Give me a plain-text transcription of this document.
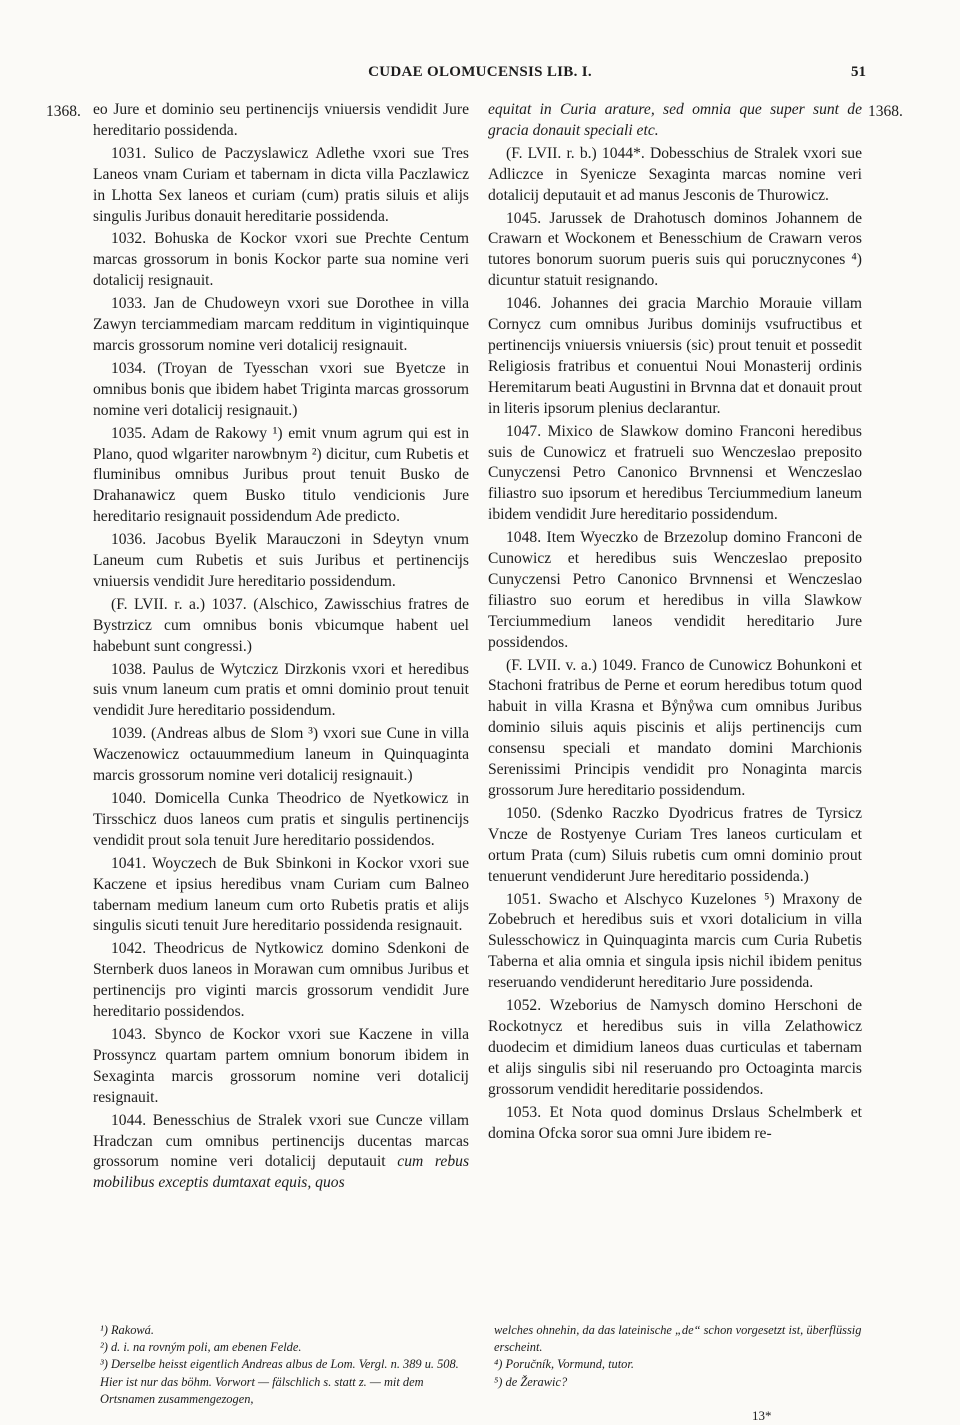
CUDAE OLOMUCENSIS LIB. I.	51
1368.	1368.

eo Jure et dominio seu pertinencijs vniuersis vendidit Jure hereditario possidenda.

1031. Sulico de Paczyslawicz Adlethe vxori sue Tres Laneos vnam Curiam et tabernam in dicta villa Paczlawicz in Lhotta Sex laneos et curiam (cum) pratis siluis et alijs singulis Juribus donauit hereditarie possidenda.

1032. Bohuska de Kockor vxori sue Prechte Centum marcas grossorum in bonis Kockor parte sua nomine veri dotalicij resignauit.

1033. Jan de Chudoweyn vxori sue Dorothee in villa Zawyn terciammediam marcam redditum in vigintiquinque marcis grossorum nomine veri dotalicij resignauit.

1034. (Troyan de Tyesschan vxori sue Byetcze in omnibus bonis que ibidem habet Triginta marcas grossorum nomine veri dotalicij resignauit.)

1035. Adam de Rakowy ¹) emit vnum agrum qui est in Plano, quod wlgariter narowbnym ²) dicitur, cum Rubetis et fluminibus omnibus Juribus prout tenuit Busko de Drahanawicz quem Busko titulo vendicionis Jure hereditario resignauit possidendum Ade predicto.

1036. Jacobus Byelik Marauczoni in Sdeytyn vnum Laneum cum Rubetis et suis Juribus et pertinencijs vniuersis vendidit Jure hereditario possidendum.

(F. LVII. r. a.) 1037. (Alschico, Zawisschius fratres de Bystrzicz cum omnibus bonis vbicumque habent uel habebunt sunt congressi.)

1038. Paulus de Wytczicz Dirzkonis vxori et heredibus suis vnum laneum cum pratis et omni dominio prout tenuit vendidit Jure hereditario possidendum.

1039. (Andreas albus de Slom ³) vxori sue Cune in villa Waczenowicz octauummedium laneum in Quinquaginta marcis grossorum nomine veri dotalicij resignauit.)

1040. Domicella Cunka Theodrico de Nyetkowicz in Tirsschicz duos laneos cum pratis et singulis pertinencijs vendidit prout sola tenuit Jure hereditario possidendos.

1041. Woyczech de Buk Sbinkoni in Kockor vxori sue Kaczene et ipsius heredibus vnam Curiam cum Balneo tabernam medium laneum cum orto Rubetis pratis et alijs singulis sicuti tenuit Jure hereditario possidenda resignauit.

1042. Theodricus de Nytkowicz domino Sdenkoni de Sternberk duos laneos in Morawan cum omnibus Juribus et pertinencijs pro viginti marcis grossorum vendidit Jure hereditario possidendos.

1043. Sbynco de Kockor vxori sue Kaczene in villa Prossyncz quartam partem omnium bonorum ibidem in Sexaginta marcis grossorum nomine veri dotalicij resignauit.

1044. Benesschius de Stralek vxori sue Cuncze villam Hradczan cum omnibus pertinencijs ducentas marcas grossorum nomine veri dotalicij deputauit cum rebus mobilibus exceptis dumtaxat equis, quos

equitat in Curia arature, sed omnia que super sunt de gracia donauit speciali etc.

(F. LVII. r. b.) 1044*. Dobesschius de Stralek vxori sue Adliczce in Syenicze Sexaginta marcas nomine veri dotalicij deputauit et ad manus Jesconis de Thurowicz.

1045. Jarussek de Drahotusch dominos Johannem de Crawarn et Wockonem et Benesschium de Crawarn veros tutores bonorum suorum pueris suis qui porucznycones ⁴) dicuntur statuit resignando.

1046. Johannes dei gracia Marchio Morauie villam Cornycz cum omnibus Juribus dominijs vsufructibus et pertinencijs vniuersis vniuersis (sic) prout tenuit et possedit Religiosis fratribus et conuentui Noui Monasterij ordinis Heremitarum beati Augustini in Brvnna dat et donauit prout in literis ipsorum plenius declarantur.

1047. Mixico de Slawkow domino Franconi heredibus suis de Cunowicz et fratrueli suo Wenczeslao preposito Cunyczensi Petro Canonico Brvnnensi et Wenczeslao filiastro suo ipsorum et heredibus Terciummedium laneum ibidem vendidit Jure hereditario possidendum.

1048. Item Wyeczko de Brzezolup domino Franconi de Cunowicz et heredibus suis Wenczeslao preposito Cunyczensi Petro Canonico Brvnnensi et Wenczeslao filiastro suo eorum et heredibus in villa Slawkow Terciummedium laneos vendidit hereditario Jure possidendos.

(F. LVII. v. a.) 1049. Franco de Cunowicz Bohunkoni et Stachoni fratribus de Perne et eorum heredibus totum quod habuit in villa Krasna et Bẙnẙwa cum omnibus Juribus dominio siluis aquis piscinis et alijs pertinencijs cum consensu speciali et mandato domini Marchionis Serenissimi Principis vendidit pro Nonaginta marcis grossorum Jure hereditario possidendum.

1050. (Sdenko Raczko Dyodricus fratres de Tyrsicz Vncze de Rostyenye Curiam Tres laneos curticulam et ortum Prata (cum) Siluis rubetis cum omni dominio prout tenuerunt vendiderunt Jure hereditario possidenda.)

1051. Swacho et Alschyco Kuzelones ⁵) Mraxony de Zobebruch et heredibus suis et vxori dotalicium in villa Sulesschowicz in Quinquaginta marcis cum Curia Rubetis Taberna et alia omnia et singula ipsis nichil ibidem penitus reseruando vendiderunt hereditario Jure possidenda.

1052. Wzeborius de Namysch domino Herschoni de Rockotnycz et heredibus suis in villa Zelathowicz duodecim et dimidium laneos duas curticulas et tabernam et alijs singulis sibi nil reseruando pro Octoaginta marcis grossorum vendidit hereditarie possidendos.

1053. Et Nota quod dominus Drslaus Schelmberk et domina Ofcka soror sua omni Jure ibidem re-

¹) Rakowá.
²) d. i. na rovným poli, am ebenen Felde.
³) Derselbe heisst eigentlich Andreas albus de Lom. Vergl. n. 389 u. 508. Hier ist nur das böhm. Vorwort — fälschlich s. statt z. — mit dem Ortsnamen zusammengezogen,
welches ohnehin, da das lateinische „de“ schon vorgesetzt ist, überflüssig erscheint.
⁴) Poručník, Vormund, tutor.
⁵) de Žerawic?
13*
